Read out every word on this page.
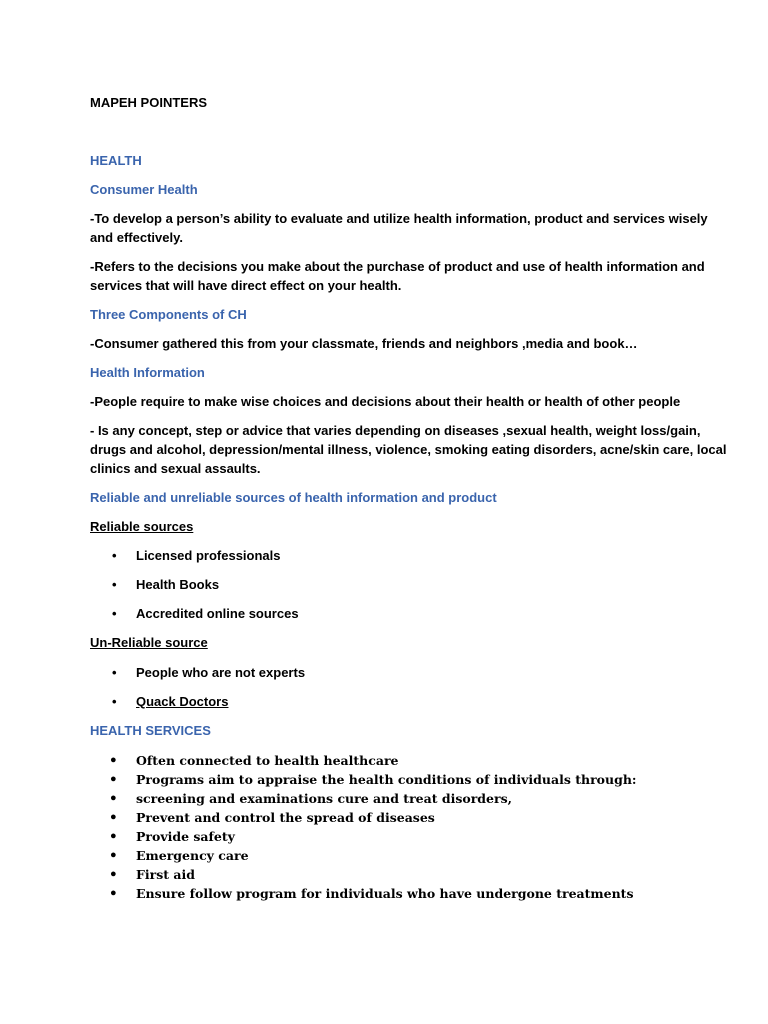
MAPEH POINTERS
HEALTH
Consumer Health
-To develop a person’s ability to evaluate and utilize health information, product and services wisely
and effectively.
-Refers to the decisions you make about the purchase of product and use of health information and
services that will have direct effect on your health.
Three Components of CH
-Consumer gathered this from your classmate, friends and neighbors ,media and book…
Health Information
-People require to make wise choices and decisions about their health or health of other people
- Is any concept, step or advice that varies depending on diseases ,sexual health, weight loss/gain,
drugs and alcohol, depression/mental illness, violence, smoking eating disorders, acne/skin care, local
clinics and sexual assaults.
Reliable and unreliable sources of health information and product
Reliable sources
• Licensed professionals
• Health Books
• Accredited online sources
Un-Reliable source
• People who are not experts
• Quack Doctors
HEALTH SERVICES
● Often connected to health healthcare
● Programs aim to appraise the health conditions of individuals through:
● screening and examinations cure and treat disorders,
● Prevent and control the spread of diseases
● Provide safety
● Emergency care
● First aid
● Ensure follow program for individuals who have undergone treatments
